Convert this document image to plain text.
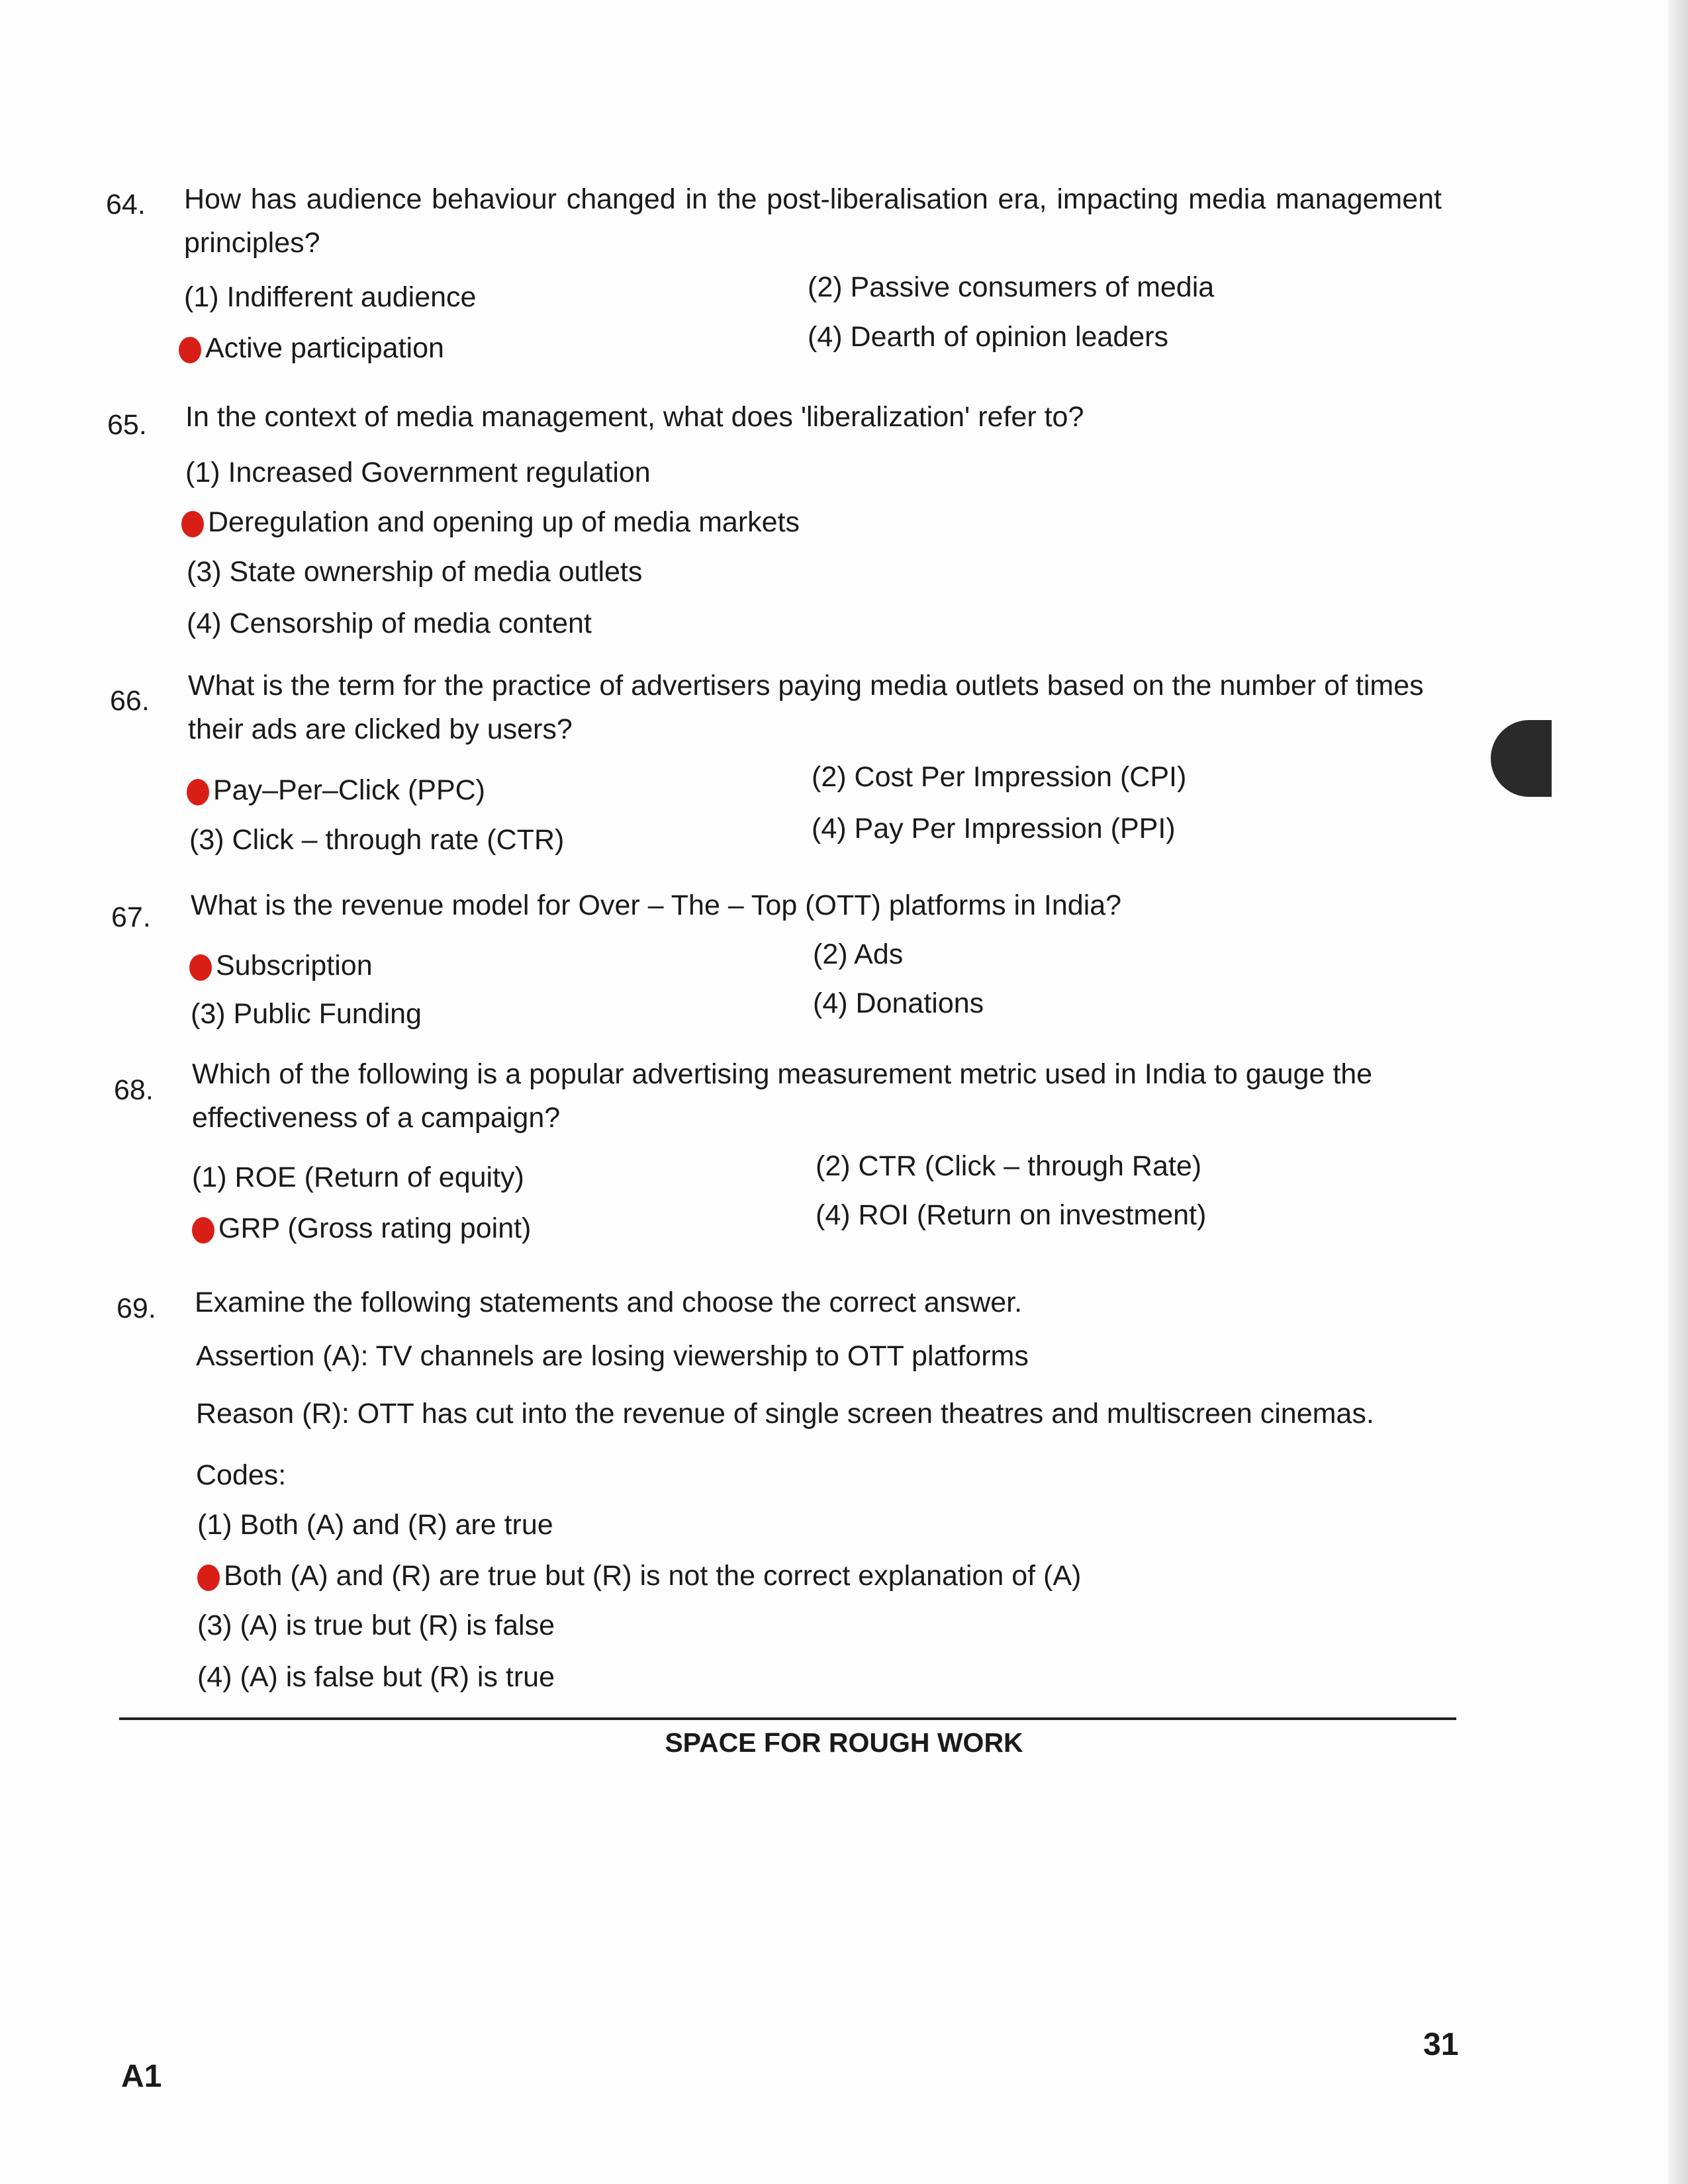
64. How has audience behaviour changed in the post-liberalisation era, impacting media management principles?
(1) Indifferent audience	(2) Passive consumers of media
Active participation	(4) Dearth of opinion leaders
65. In the context of media management, what does 'liberalization' refer to?
(1) Increased Government regulation
Deregulation and opening up of media markets
(3) State ownership of media outlets
(4) Censorship of media content
66. What is the term for the practice of advertisers paying media outlets based on the number of times their ads are clicked by users?
Pay–Per–Click (PPC)	(2) Cost Per Impression (CPI)
(3) Click – through rate (CTR)	(4) Pay Per Impression (PPI)
67. What is the revenue model for Over – The – Top (OTT) platforms in India?
Subscription	(2) Ads
(3) Public Funding	(4) Donations
68. Which of the following is a popular advertising measurement metric used in India to gauge the effectiveness of a campaign?
(1) ROE (Return of equity)	(2) CTR (Click – through Rate)
GRP (Gross rating point)	(4) ROI (Return on investment)
69. Examine the following statements and choose the correct answer.
Assertion (A): TV channels are losing viewership to OTT platforms
Reason (R): OTT has cut into the revenue of single screen theatres and multiscreen cinemas.
Codes:
(1) Both (A) and (R) are true
Both (A) and (R) are true but (R) is not the correct explanation of (A)
(3) (A) is true but (R) is false
(4) (A) is false but (R) is true
SPACE FOR ROUGH WORK
A1
31
